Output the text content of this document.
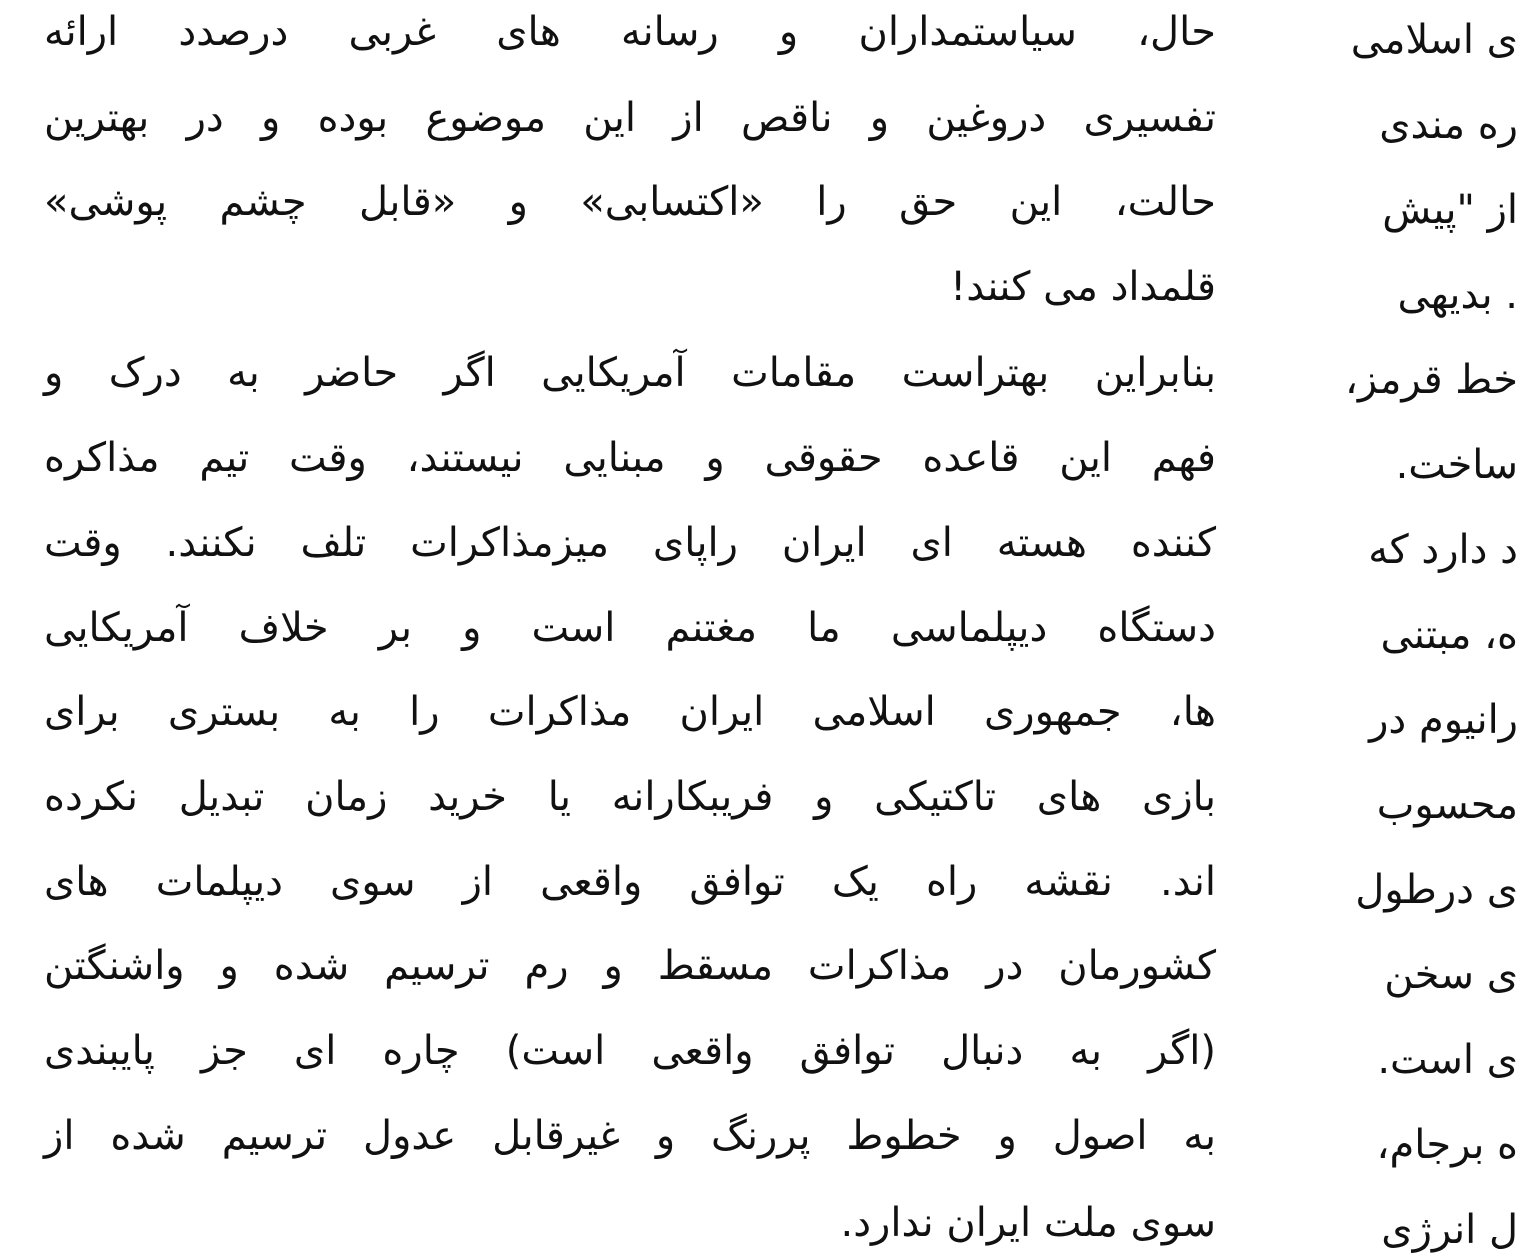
حال، سیاستمداران و رسانه های غربی درصدد ارائه
تفسیری دروغین و ناقص از این موضوع بوده و در بهترین
حالت، این حق را «اکتسابی» و «قابل چشم پوشی»
قلمداد می کنند!
بنابراین بهتراست مقامات آمریکایی اگر حاضر به درک و
فهم این قاعده حقوقی و مبنایی نیستند، وقت تیم مذاکره
کننده هسته ای ایران راپای میزمذاکرات تلف نکنند. وقت
دستگاه دیپلماسی ما مغتنم است و بر خلاف آمریکایی
ها، جمهوری اسلامی ایران مذاکرات را به بستری برای
بازی های تاکتیکی و فریبکارانه یا خرید زمان تبدیل نکرده
اند. نقشه راه یک توافق واقعی از سوی دیپلمات های
کشورمان در مذاکرات مسقط و رم ترسیم شده و واشنگتن
(اگر به دنبال توافق واقعی است) چاره ای جز پایبندی
به اصول و خطوط پررنگ و غیرقابل عدول ترسیم شده از
سوی ملت ایران ندارد.
ی اسلامی
ره مندی
از "پیش
. بدیهی
خط قرمز،
ساخت.
د دارد که
ه، مبتنی
رانیوم در
محسوب
ی درطول
ی سخن
ی است.
ه برجام،
ل انرژی
